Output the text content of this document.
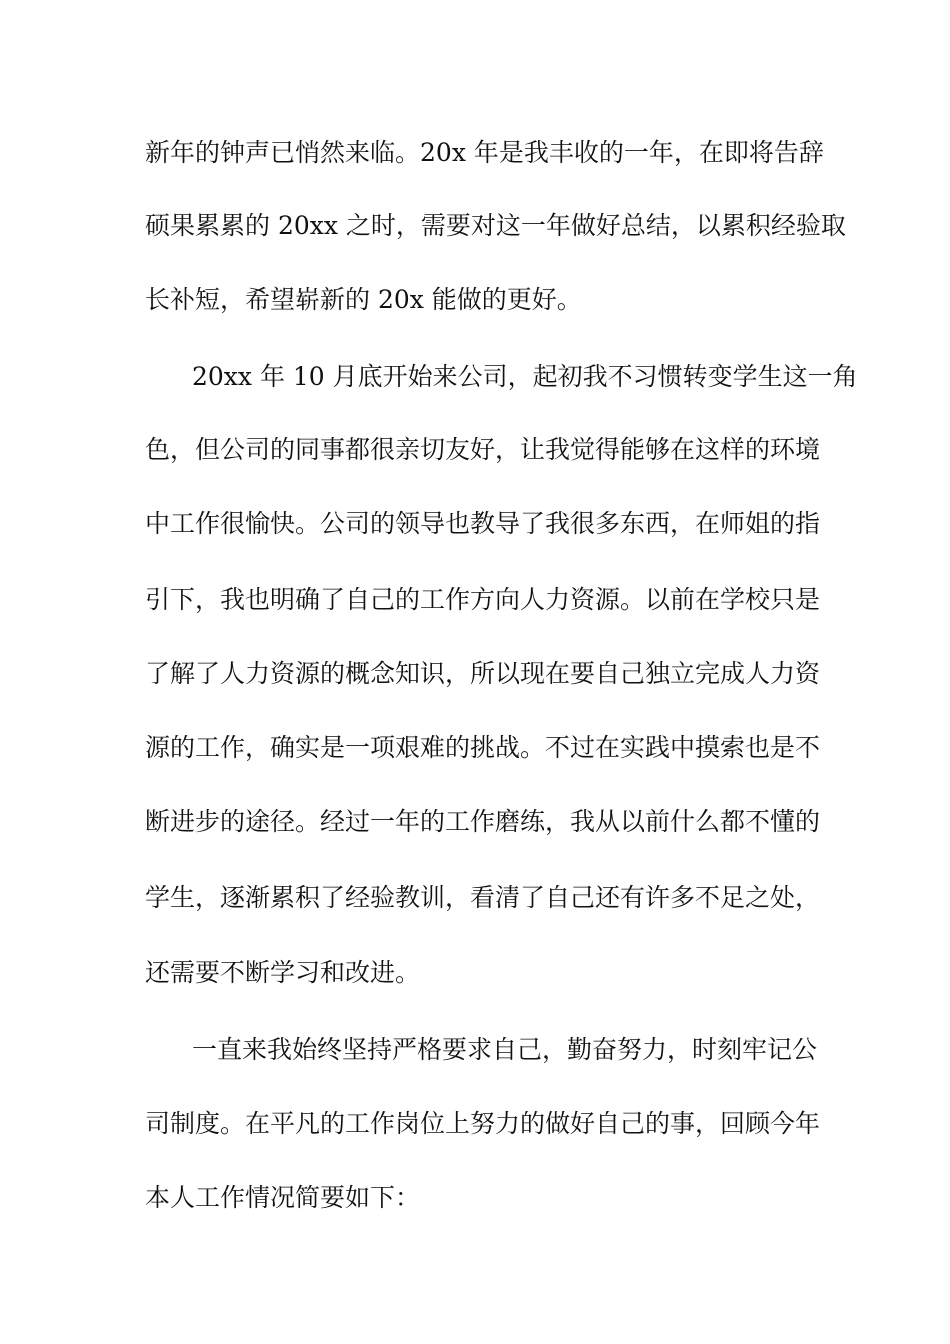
新年的钟声已悄然来临。20x 年是我丰收的一年，在即将告辞
硕果累累的 20xx 之时，需要对这一年做好总结，以累积经验取
长补短，希望崭新的 20x 能做的更好。
20xx 年 10 月底开始来公司，起初我不习惯转变学生这一角
色，但公司的同事都很亲切友好，让我觉得能够在这样的环境
中工作很愉快。公司的领导也教导了我很多东西，在师姐的指
引下，我也明确了自己的工作方向人力资源。以前在学校只是
了解了人力资源的概念知识，所以现在要自己独立完成人力资
源的工作，确实是一项艰难的挑战。不过在实践中摸索也是不
断进步的途径。经过一年的工作磨练，我从以前什么都不懂的
学生，逐渐累积了经验教训，看清了自己还有许多不足之处，
还需要不断学习和改进。
一直来我始终坚持严格要求自己，勤奋努力，时刻牢记公
司制度。在平凡的工作岗位上努力的做好自己的事，回顾今年
本人工作情况简要如下：
